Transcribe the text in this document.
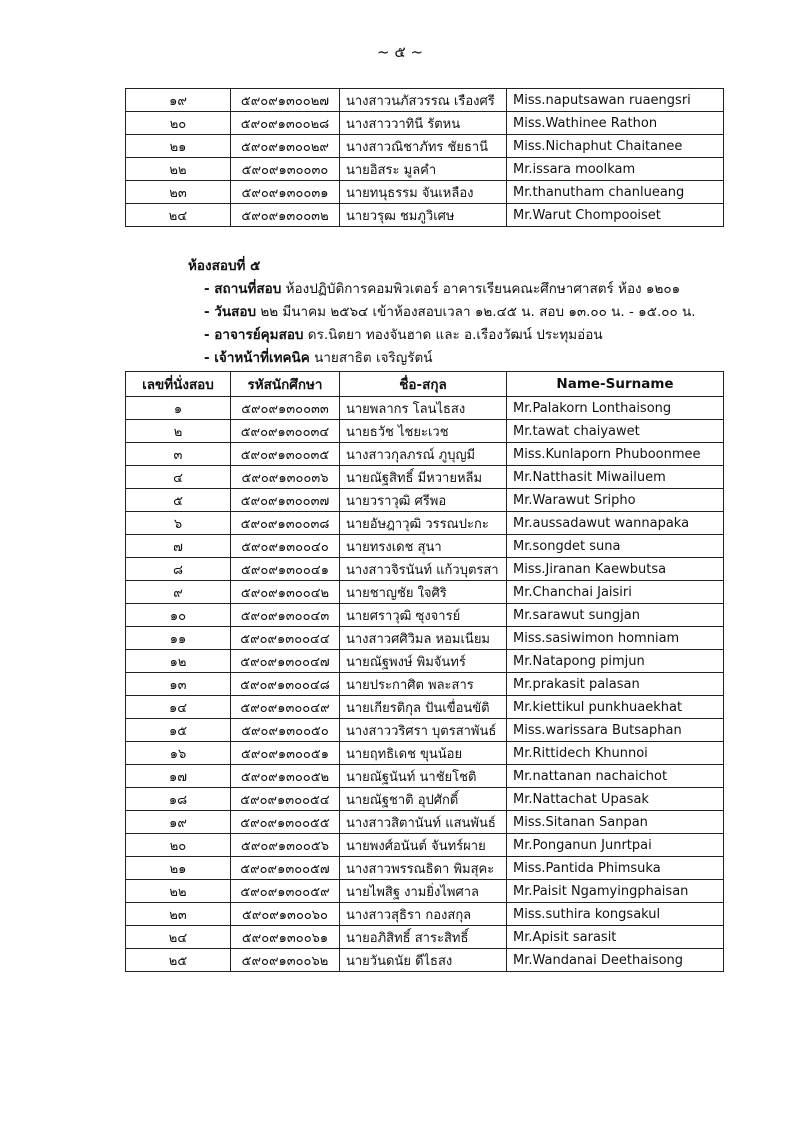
~ ๕ ~
๑๙	๕๙๐๙๑๓๐๐๒๗	นางสาวนภัสวรรณ เรืองศรี	Miss.naputsawan ruaengsri
๒๐	๕๙๐๙๑๓๐๐๒๘	นางสาววาทินี รัตหน	Miss.Wathinee Rathon
๒๑	๕๙๐๙๑๓๐๐๒๙	นางสาวณิชาภัทร ชัยธานี	Miss.Nichaphut Chaitanee
๒๒	๕๙๐๙๑๓๐๐๓๐	นายอิสระ มูลคำ	Mr.issara moolkam
๒๓	๕๙๐๙๑๓๐๐๓๑	นายทนุธรรม จันเหลือง	Mr.thanutham chanlueang
๒๔	๕๙๐๙๑๓๐๐๓๒	นายวรุฒ ชมภูวิเศษ	Mr.Warut Chompooiset
ห้องสอบที่ ๕
- สถานที่สอบ ห้องปฏิบัติการคอมพิวเตอร์ อาคารเรียนคณะศึกษาศาสตร์ ห้อง ๑๒๐๑
- วันสอบ ๒๒ มีนาคม ๒๕๖๔ เข้าห้องสอบเวลา ๑๒.๔๕ น. สอบ ๑๓.๐๐ น. - ๑๕.๐๐ น.
- อาจารย์คุมสอบ ดร.นิตยา ทองจันฮาด และ อ.เรืองวัฒน์ ประทุมอ่อน
- เจ้าหน้าที่เทคนิค นายสาธิต เจริญรัตน์
เลขที่นั่งสอบ	รหัสนักศึกษา	ชื่อ-สกุล	Name-Surname
๑	๕๙๐๙๑๓๐๐๓๓	นายพลากร โลนไธสง	Mr.Palakorn Lonthaisong
๒	๕๙๐๙๑๓๐๐๓๔	นายธวัช ไชยะเวช	Mr.tawat chaiyawet
๓	๕๙๐๙๑๓๐๐๓๕	นางสาวกุลภรณ์ ภูบุญมี	Miss.Kunlaporn Phuboonmee
๔	๕๙๐๙๑๓๐๐๓๖	นายณัฐสิทธิ์ มีหวายหลีม	Mr.Natthasit Miwailuem
๕	๕๙๐๙๑๓๐๐๓๗	นายวราวุฒิ ศรีพอ	Mr.Warawut Sripho
๖	๕๙๐๙๑๓๐๐๓๘	นายอัษฎาวุฒิ วรรณปะกะ	Mr.aussadawut wannapaka
๗	๕๙๐๙๑๓๐๐๔๐	นายทรงเดช สุนา	Mr.songdet suna
๘	๕๙๐๙๑๓๐๐๔๑	นางสาวจิรนันท์ แก้วบุตรสา	Miss.Jiranan Kaewbutsa
๙	๕๙๐๙๑๓๐๐๔๒	นายชาญชัย ใจศิริ	Mr.Chanchai Jaisiri
๑๐	๕๙๐๙๑๓๐๐๔๓	นายศราวุฒิ ซุงจารย์	Mr.sarawut sungjan
๑๑	๕๙๐๙๑๓๐๐๔๔	นางสาวศศิวิมล หอมเนียม	Miss.sasiwimon homniam
๑๒	๕๙๐๙๑๓๐๐๔๗	นายณัฐพงษ์ พิมจันทร์	Mr.Natapong pimjun
๑๓	๕๙๐๙๑๓๐๐๔๘	นายประกาศิต พละสาร	Mr.prakasit palasan
๑๔	๕๙๐๙๑๓๐๐๔๙	นายเกียรติกุล ปันเขื่อนขัติ	Mr.kiettikul punkhuaekhat
๑๕	๕๙๐๙๑๓๐๐๕๐	นางสาววริศรา บุตรสาพันธ์	Miss.warissara Butsaphan
๑๖	๕๙๐๙๑๓๐๐๕๑	นายฤทธิเดช ขุนน้อย	Mr.Rittidech Khunnoi
๑๗	๕๙๐๙๑๓๐๐๕๒	นายณัฐนันท์ นาชัยโชติ	Mr.nattanan nachaichot
๑๘	๕๙๐๙๑๓๐๐๕๔	นายณัฐชาติ อุปศักดิ์	Mr.Nattachat Upasak
๑๙	๕๙๐๙๑๓๐๐๕๕	นางสาวสิตานันท์ แสนพันธ์	Miss.Sitanan Sanpan
๒๐	๕๙๐๙๑๓๐๐๕๖	นายพงศ์อนันต์ จันทร์ผาย	Mr.Ponganun Junrtpai
๒๑	๕๙๐๙๑๓๐๐๕๗	นางสาวพรรณธิดา พิมสุคะ	Miss.Pantida Phimsuka
๒๒	๕๙๐๙๑๓๐๐๕๙	นายไพสิฐ งามยิ่งไพศาล	Mr.Paisit Ngamyingphaisan
๒๓	๕๙๐๙๑๓๐๐๖๐	นางสาวสุธิรา กองสกุล	Miss.suthira kongsakul
๒๔	๕๙๐๙๑๓๐๐๖๑	นายอภิสิทธิ์ สาระสิทธิ์	Mr.Apisit sarasit
๒๕	๕๙๐๙๑๓๐๐๖๒	นายวันดนัย ดีไธสง	Mr.Wandanai Deethaisong
